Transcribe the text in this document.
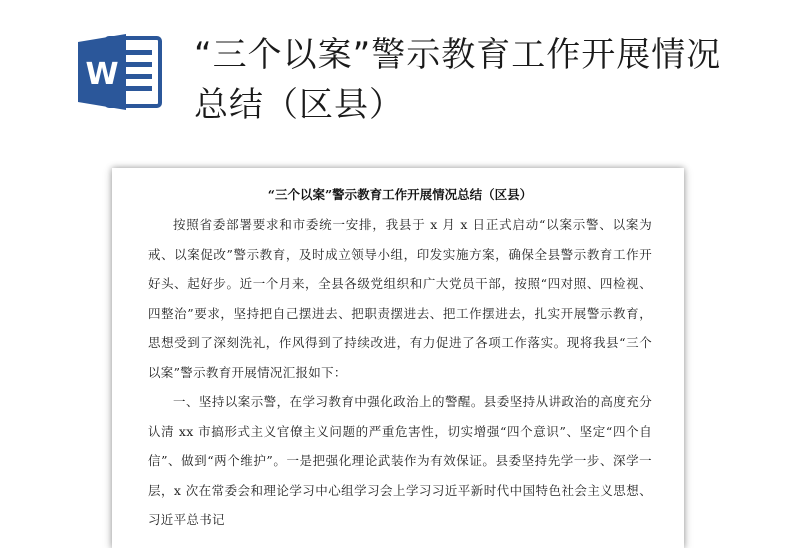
W “三个以案”警示教育工作开展情况总结（区县）
“三个以案”警示教育工作开展情况总结（区县）

按照省委部署要求和市委统一安排，我县于 x 月 x 日正式启动“以案示警、以案为戒、以案促改”警示教育，及时成立领导小组，印发实施方案，确保全县警示教育工作开好头、起好步。近一个月来，全县各级党组织和广大党员干部，按照“四对照、四检视、四整治”要求，坚持把自己摆进去、把职责摆进去、把工作摆进去，扎实开展警示教育，思想受到了深刻洗礼，作风得到了持续改进，有力促进了各项工作落实。现将我县“三个以案”警示教育开展情况汇报如下：

一、坚持以案示警，在学习教育中强化政治上的警醒。县委坚持从讲政治的高度充分认清 xx 市搞形式主义官僚主义问题的严重危害性，切实增强“四个意识”、坚定“四个自信”、做到“两个维护”。一是把强化理论武装作为有效保证。县委坚持先学一步、深学一层，x 次在常委会和理论学习中心组学习会上学习习近平新时代中国特色社会主义思想、习近平总书记
